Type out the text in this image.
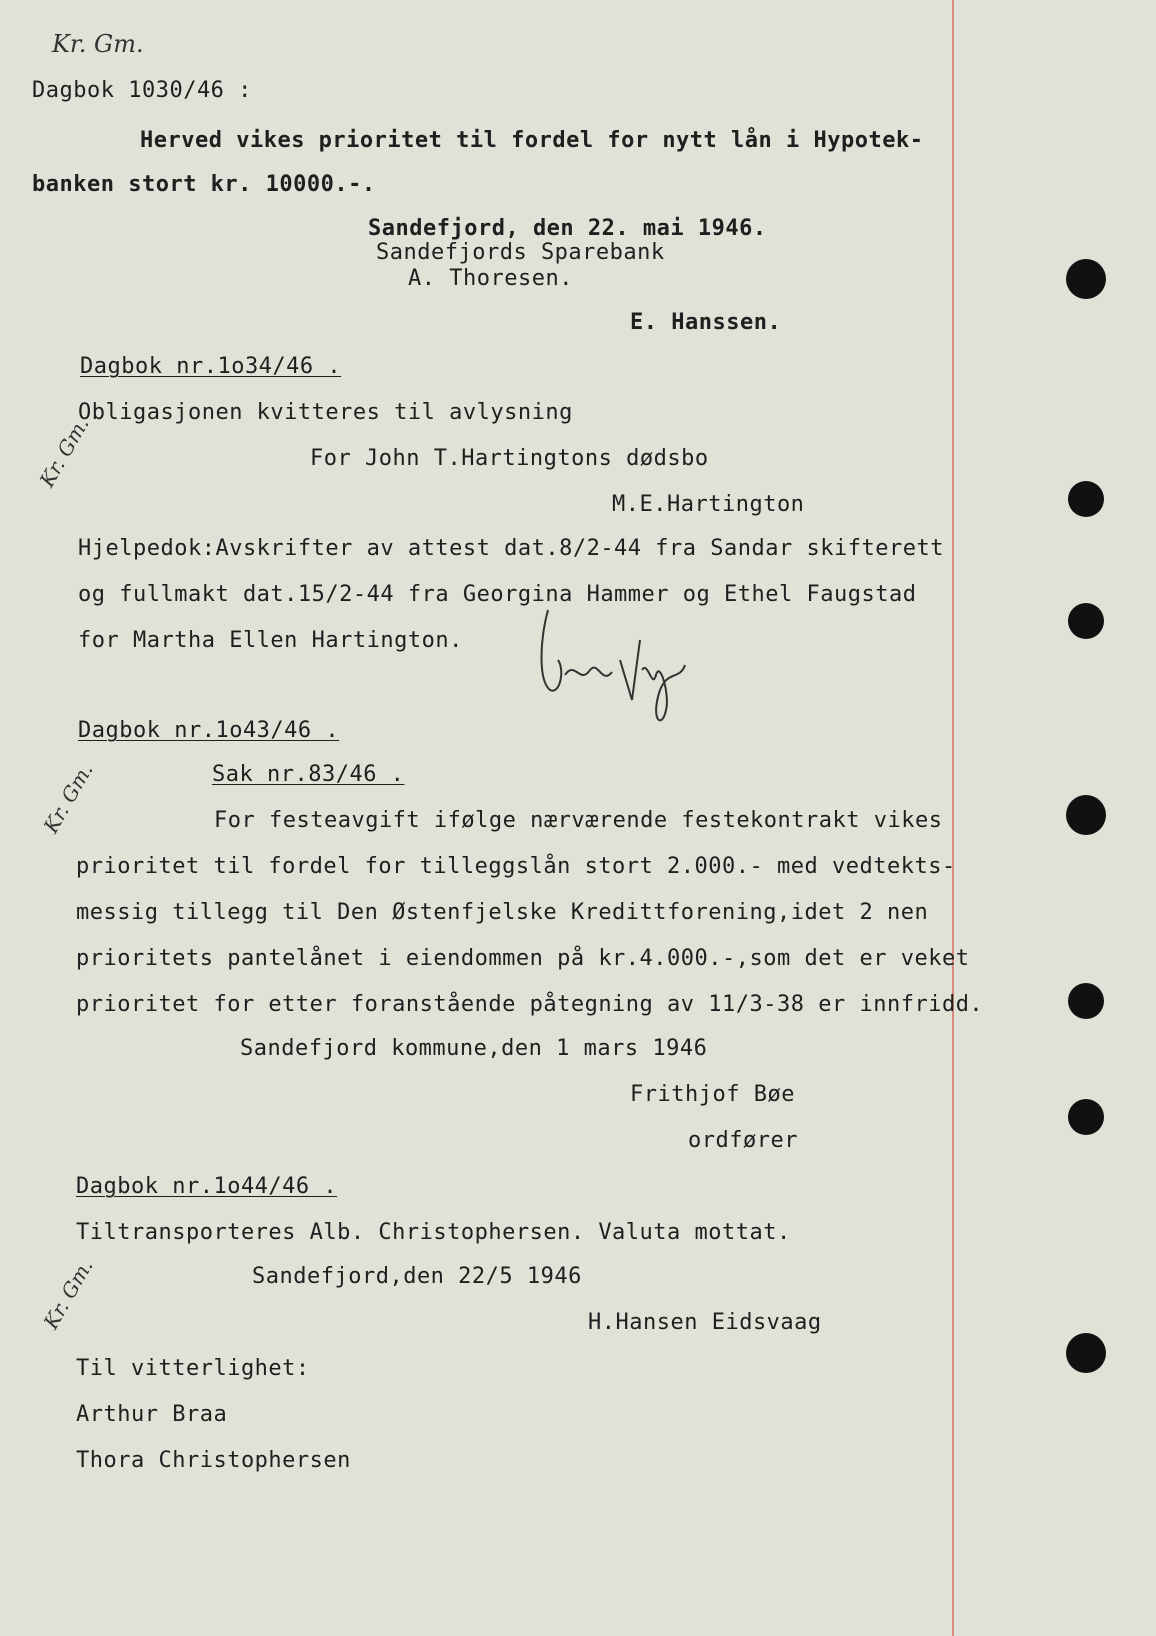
Kr. Gm.
Dagbok 1030/46 :
Herved vikes prioritet til fordel for nytt lån i Hypotek-
banken stort kr. 10000.-.
Sandefjord, den 22. mai 1946.
Sandefjords Sparebank
A. Thoresen.
E. Hanssen.
Dagbok nr.1o34/46 .
Obligasjonen kvitteres til avlysning
For John T.Hartingtons dødsbo
M.E.Hartington
Hjelpedok:Avskrifter av attest dat.8/2-44 fra Sandar skifterett
og fullmakt dat.15/2-44 fra Georgina Hammer og Ethel Faugstad
for Martha Ellen Hartington.
Kr. Gm.
Dagbok nr.1o43/46 .
Sak nr.83/46 .
For festeavgift ifølge nærværende festekontrakt vikes
prioritet til fordel for tilleggslån stort 2.000.- med vedtekts-
messig tillegg til Den Østenfjelske Kredittforening,idet 2 nen
prioritets pantelånet i eiendommen på kr.4.000.-,som det er veket
prioritet for etter foranstående påtegning av 11/3-38 er innfridd.
Sandefjord kommune,den 1 mars 1946
Frithjof Bøe
ordfører
Kr. Gm.
Dagbok nr.1o44/46 .
Tiltransporteres Alb. Christophersen. Valuta mottat.
Sandefjord,den 22/5 1946
H.Hansen Eidsvaag
Til vitterlighet:
Arthur Braa
Thora Christophersen
Kr. Gm.
